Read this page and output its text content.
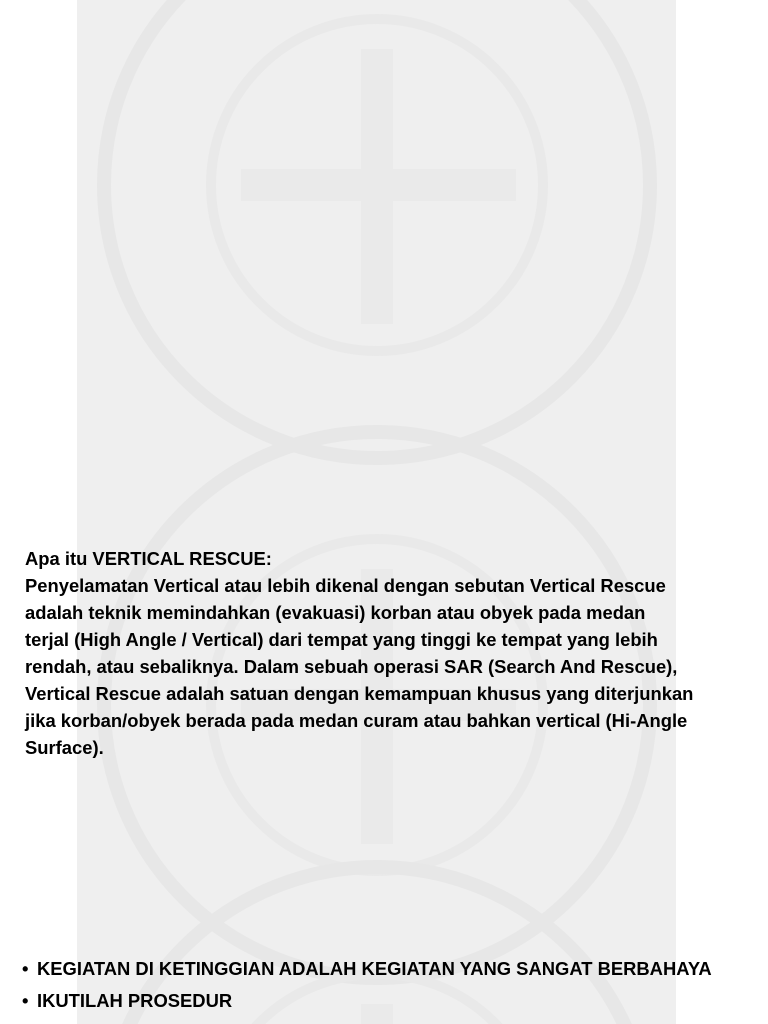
Apa itu VERTICAL RESCUE:

Penyelamatan Vertical atau lebih dikenal dengan sebutan Vertical Rescue

adalah teknik memindahkan (evakuasi) korban atau obyek pada medan

terjal (High Angle / Vertical) dari tempat yang tinggi ke tempat yang lebih

rendah, atau sebaliknya. Dalam sebuah operasi SAR (Search And Rescue),

Vertical Rescue adalah satuan dengan kemampuan khusus yang diterjunkan

jika korban/obyek berada pada medan curam atau bahkan vertical (Hi-Angle

Surface).

• KEGIATAN DI KETINGGIAN ADALAH KEGIATAN YANG SANGAT BERBAHAYA
• IKUTILAH PROSEDUR
